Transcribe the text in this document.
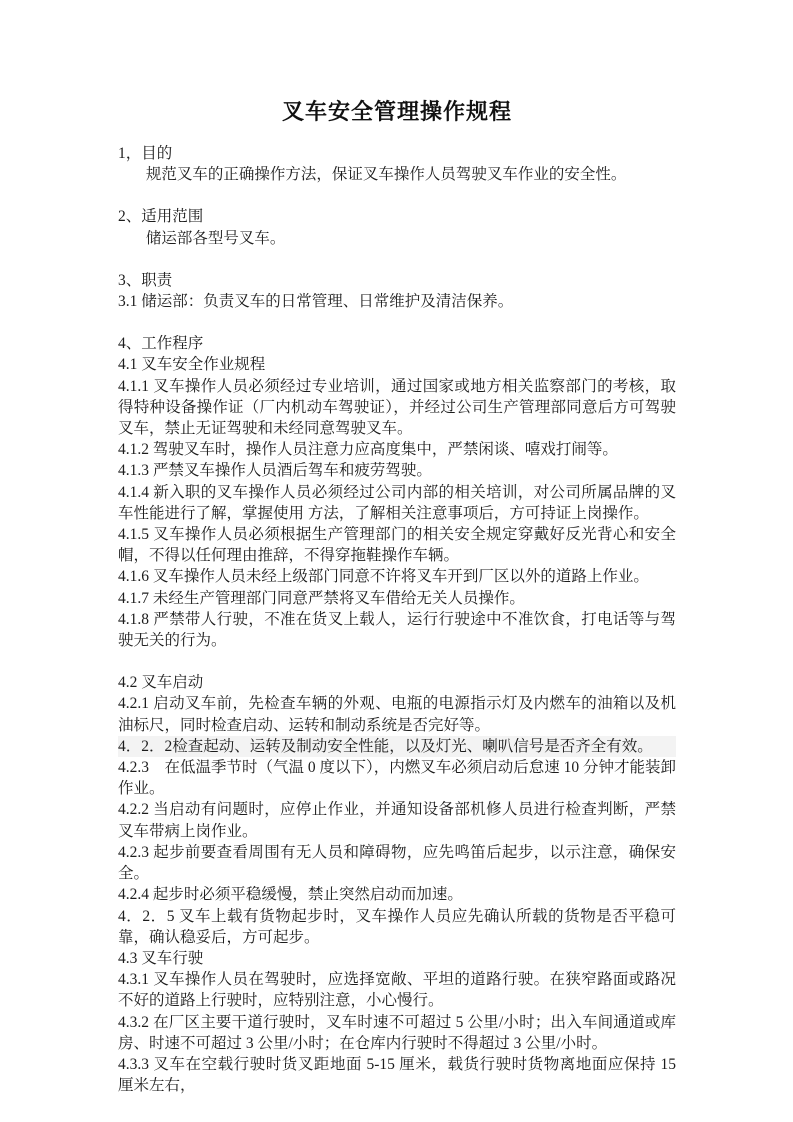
叉车安全管理操作规程

1，目的

规范叉车的正确操作方法，保证叉车操作人员驾驶叉车作业的安全性。

2、适用范围

储运部各型号叉车。

3、职责

3.1 储运部：负责叉车的日常管理、日常维护及清洁保养。

4、工作程序

4.1 叉车安全作业规程

4.1.1 叉车操作人员必须经过专业培训，通过国家或地方相关监察部门的考核，取得特种设备操作证（厂内机动车驾驶证），并经过公司生产管理部同意后方可驾驶叉车，禁止无证驾驶和未经同意驾驶叉车。

4.1.2 驾驶叉车时，操作人员注意力应高度集中，严禁闲谈、嘻戏打闹等。

4.1.3 严禁叉车操作人员酒后驾车和疲劳驾驶。

4.1.4 新入职的叉车操作人员必须经过公司内部的相关培训，对公司所属品牌的叉车性能进行了解，掌握使用 方法，了解相关注意事项后，方可持证上岗操作。

4.1.5 叉车操作人员必须根据生产管理部门的相关安全规定穿戴好反光背心和安全帽，不得以任何理由推辞，不得穿拖鞋操作车辆。

4.1.6 叉车操作人员未经上级部门同意不许将叉车开到厂区以外的道路上作业。

4.1.7 未经生产管理部门同意严禁将叉车借给无关人员操作。

4.1.8 严禁带人行驶，不准在货叉上载人，运行行驶途中不准饮食，打电话等与驾驶无关的行为。

4.2 叉车启动

4.2.1 启动叉车前，先检查车辆的外观、电瓶的电源指示灯及内燃车的油箱以及机油标尺，同时检查启动、运转和制动系统是否完好等。

4．2．2检查起动、运转及制动安全性能，以及灯光、喇叭信号是否齐全有效。

4.2.3　在低温季节时（气温 0 度以下），内燃叉车必须启动后怠速 10 分钟才能装卸作业。

4.2.2 当启动有问题时，应停止作业，并通知设备部机修人员进行检查判断，严禁叉车带病上岗作业。

4.2.3 起步前要查看周围有无人员和障碍物，应先鸣笛后起步，以示注意，确保安全。

4.2.4 起步时必须平稳缓慢，禁止突然启动而加速。

4．2．5 叉车上载有货物起步时，叉车操作人员应先确认所载的货物是否平稳可靠，确认稳妥后，方可起步。

4.3 叉车行驶

4.3.1 叉车操作人员在驾驶时，应选择宽敞、平坦的道路行驶。在狭窄路面或路况不好的道路上行驶时，应特别注意，小心慢行。

4.3.2 在厂区主要干道行驶时，叉车时速不可超过 5 公里/小时；出入车间通道或库房、时速不可超过 3 公里/小时；在仓库内行驶时不得超过 3 公里/小时。

4.3.3 叉车在空载行驶时货叉距地面 5-15 厘米，载货行驶时货物离地面应保持 15 厘米左右，
